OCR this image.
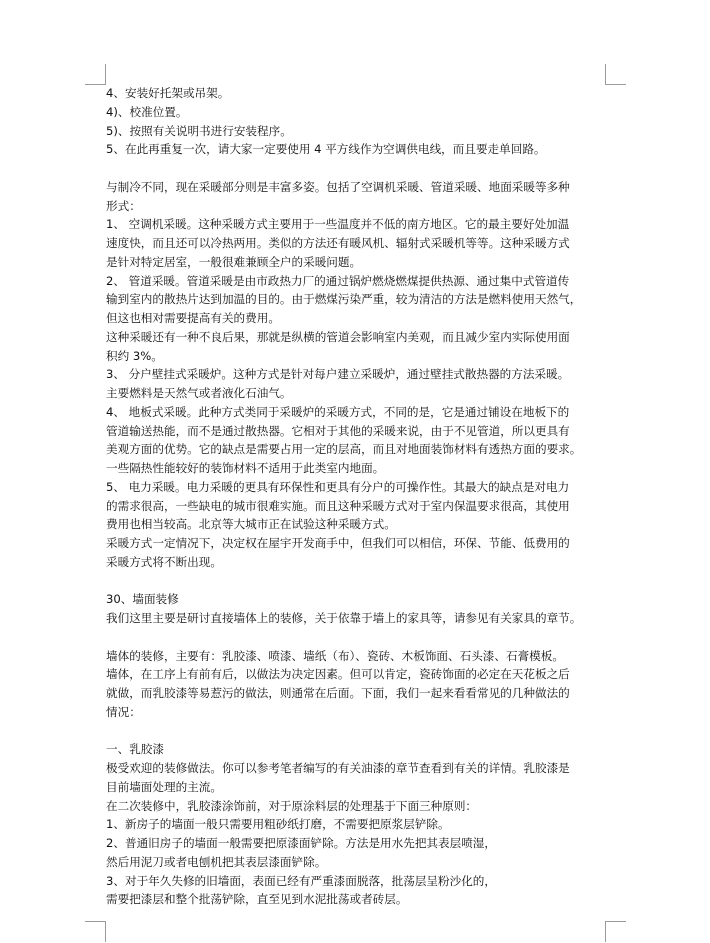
4、安装好托架或吊架。
4)、校准位置。
5)、按照有关说明书进行安装程序。
5、在此再重复一次，请大家一定要使用 4 平方线作为空调供电线，而且要走单回路。
与制冷不同，现在采暖部分则是丰富多姿。包括了空调机采暖、管道采暖、地面采暖等多种
形式：
1、 空调机采暖。这种采暖方式主要用于一些温度并不低的南方地区。它的最主要好处加温
速度快，而且还可以冷热两用。类似的方法还有暖风机、辐射式采暖机等等。这种采暖方式
是针对特定居室，一般很难兼顾全户的采暖问题。
2、 管道采暖。管道采暖是由市政热力厂的通过锅炉燃烧燃煤提供热源、通过集中式管道传
输到室内的散热片达到加温的目的。由于燃煤污染严重，较为清洁的方法是燃料使用天然气，
但这也相对需要提高有关的费用。
这种采暖还有一种不良后果，那就是纵横的管道会影响室内美观，而且减少室内实际使用面
积约 3%。
3、 分户壁挂式采暖炉。这种方式是针对每户建立采暖炉，通过壁挂式散热器的方法采暖。
主要燃料是天然气或者液化石油气。
4、 地板式采暖。此种方式类同于采暖炉的采暖方式，不同的是，它是通过铺设在地板下的
管道输送热能，而不是通过散热器。它相对于其他的采暖来说，由于不见管道，所以更具有
美观方面的优势。它的缺点是需要占用一定的层高，而且对地面装饰材料有透热方面的要求。
一些隔热性能较好的装饰材料不适用于此类室内地面。
5、 电力采暖。电力采暖的更具有环保性和更具有分户的可操作性。其最大的缺点是对电力
的需求很高，一些缺电的城市很难实施。而且这种采暖方式对于室内保温要求很高，其使用
费用也相当较高。北京等大城市正在试验这种采暖方式。
采暖方式一定情况下，决定权在屋宇开发商手中，但我们可以相信，环保、节能、低费用的
采暖方式将不断出现。
30、墙面装修
我们这里主要是研讨直接墙体上的装修，关于依靠于墙上的家具等，请参见有关家具的章节。
墙体的装修，主要有：乳胶漆、喷漆、墙纸（布）、瓷砖、木板饰面、石头漆、石膏模板。
墙体，在工序上有前有后，以做法为决定因素。但可以肯定，瓷砖饰面的必定在天花板之后
就做，而乳胶漆等易惹污的做法，则通常在后面。下面，我们一起来看看常见的几种做法的
情况：
一、乳胶漆
极受欢迎的装修做法。你可以参考笔者编写的有关油漆的章节查看到有关的详情。乳胶漆是
目前墙面处理的主流。
在二次装修中，乳胶漆涂饰前，对于原涂料层的处理基于下面三种原则：
1、新房子的墙面一般只需要用粗砂纸打磨，不需要把原浆层铲除。
2、普通旧房子的墙面一般需要把原漆面铲除。方法是用水先把其表层喷湿，
然后用泥刀或者电刨机把其表层漆面铲除。
3、对于年久失修的旧墙面，表面已经有严重漆面脱落，批荡层呈粉沙化的，
需要把漆层和整个批荡铲除，直至见到水泥批荡或者砖层。
